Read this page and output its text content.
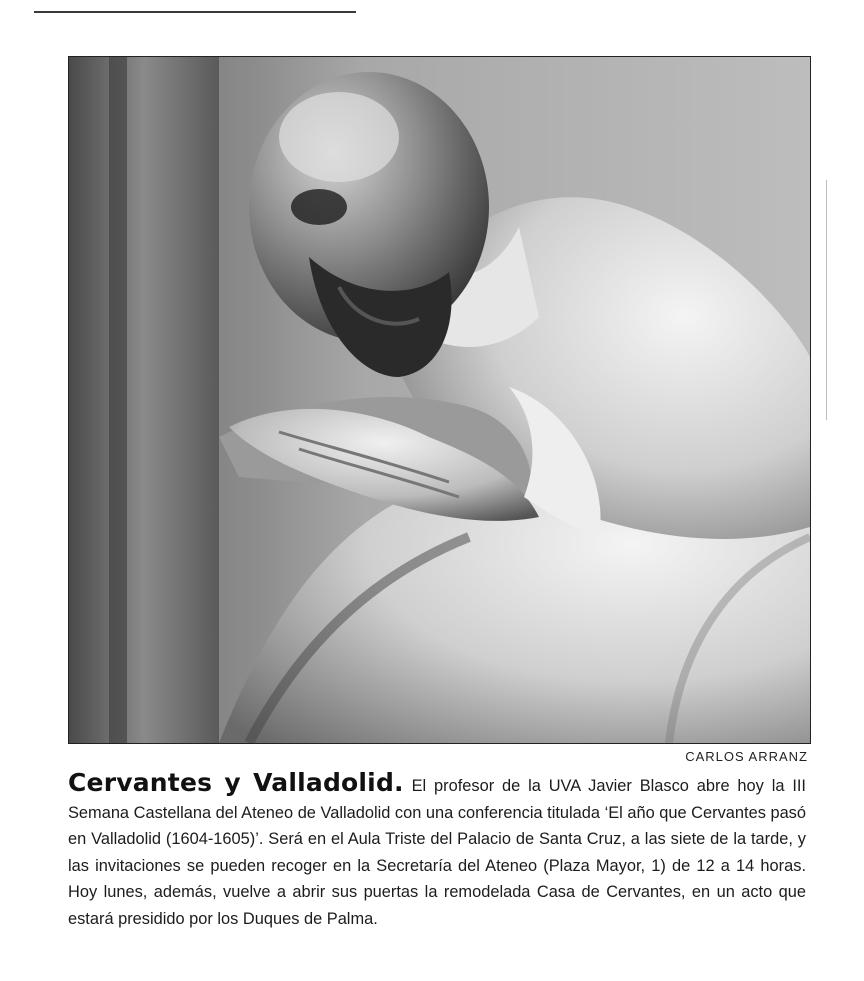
CARLOS ARRANZ

Cervantes y Valladolid. El profesor de la UVA Javier Blasco abre hoy la III Semana Castellana del Ateneo de Valladolid con una conferencia titulada ‘El año que Cervantes pasó en Valladolid (1604-1605)’. Será en el Aula Triste del Palacio de Santa Cruz, a las siete de la tarde, y las invitaciones se pueden recoger en la Secretaría del Ateneo (Plaza Mayor, 1) de 12 a 14 horas. Hoy lunes, además, vuelve a abrir sus puertas la remodelada Casa de Cervantes, en un acto que estará presidido por los Duques de Palma.
